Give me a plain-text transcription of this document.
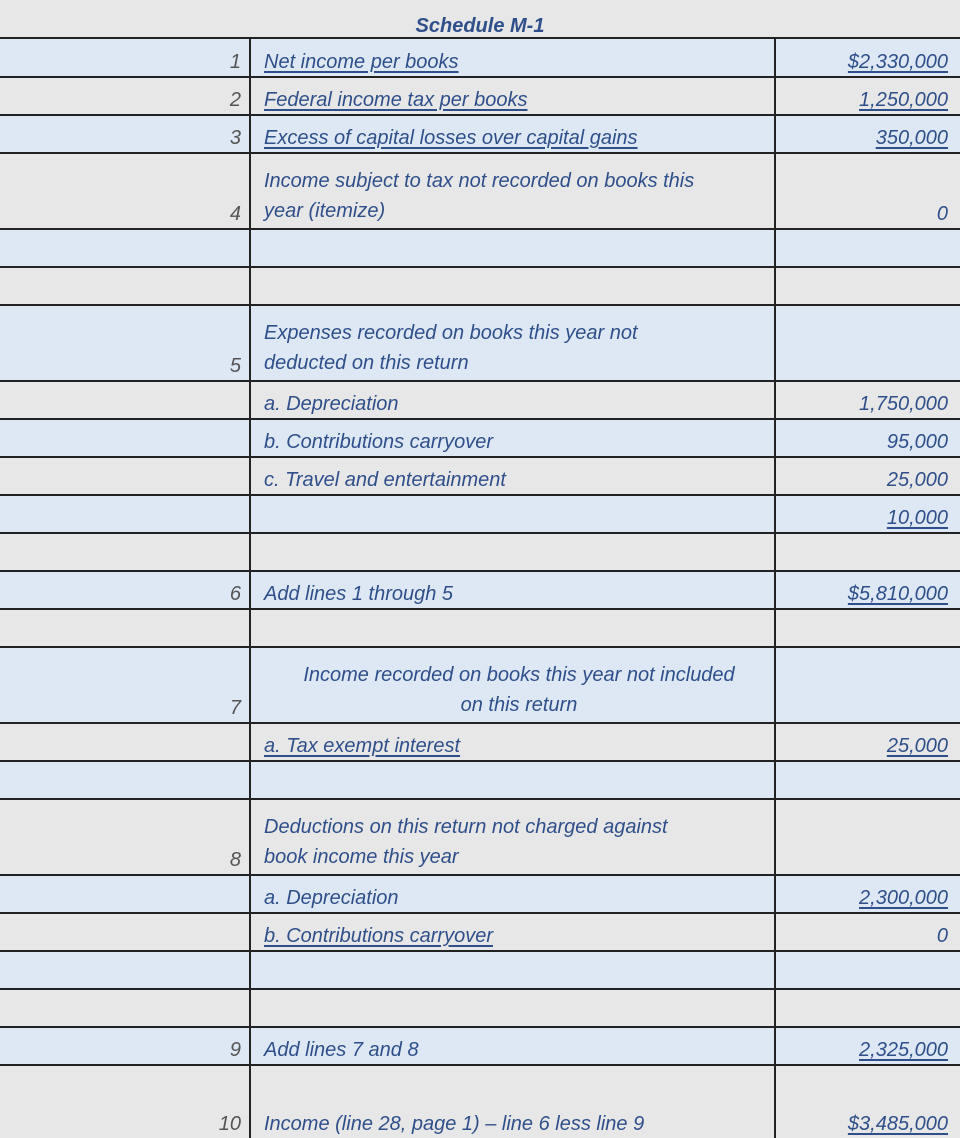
Schedule M-1
1	Net income per books	$2,330,000
2	Federal income tax per books	1,250,000
3	Excess of capital losses over capital gains	350,000
4	Income subject to tax not recorded on books this
year (itemize)	0

5	Expenses recorded on books this year not
deducted on this return	

	a. Depreciation	1,750,000
	b. Contributions carryover	95,000
	c. Travel and entertainment	25,000
		10,000

6	Add lines 1 through 5	$5,810,000

7	Income recorded on books this year not included
on this return	

	a. Tax exempt interest	25,000

8	Deductions on this return not charged against
book income this year	

	a. Depreciation	2,300,000
	b. Contributions carryover	0

9	Add lines 7 and 8	2,325,000
10	Income (line 28, page 1) – line 6 less line 9	$3,485,000
